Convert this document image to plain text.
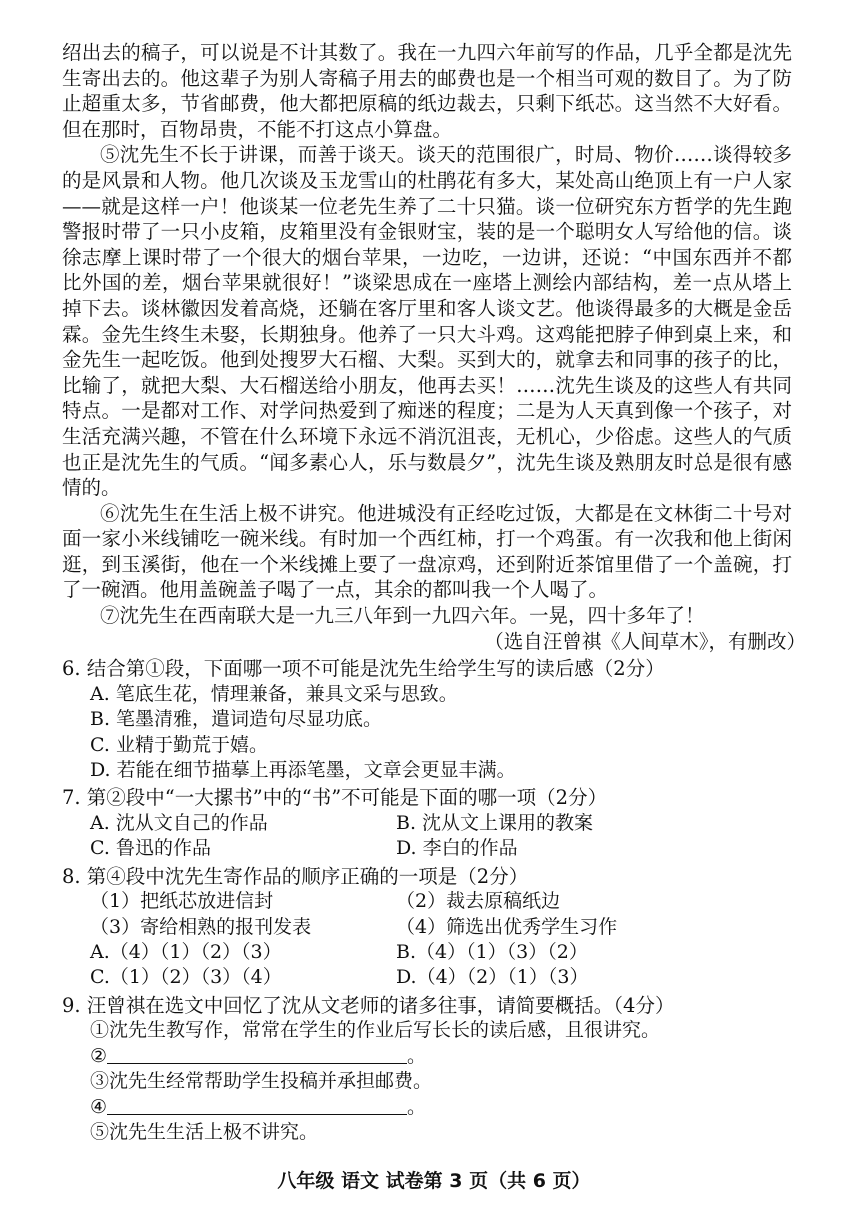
绍出去的稿子，可以说是不计其数了。我在一九四六年前写的作品，几乎全都是沈先生寄出去的。他这辈子为别人寄稿子用去的邮费也是一个相当可观的数目了。为了防止超重太多，节省邮费，他大都把原稿的纸边裁去，只剩下纸芯。这当然不大好看。但在那时，百物昂贵，不能不打这点小算盘。

⑤沈先生不长于讲课，而善于谈天。谈天的范围很广，时局、物价……谈得较多的是风景和人物。他几次谈及玉龙雪山的杜鹃花有多大，某处高山绝顶上有一户人家——就是这样一户！他谈某一位老先生养了二十只猫。谈一位研究东方哲学的先生跑警报时带了一只小皮箱，皮箱里没有金银财宝，装的是一个聪明女人写给他的信。谈徐志摩上课时带了一个很大的烟台苹果，一边吃，一边讲，还说：“中国东西并不都比外国的差，烟台苹果就很好！”谈梁思成在一座塔上测绘内部结构，差一点从塔上掉下去。谈林徽因发着高烧，还躺在客厅里和客人谈文艺。他谈得最多的大概是金岳霖。金先生终生未娶，长期独身。他养了一只大斗鸡。这鸡能把脖子伸到桌上来，和金先生一起吃饭。他到处搜罗大石榴、大梨。买到大的，就拿去和同事的孩子的比，比输了，就把大梨、大石榴送给小朋友，他再去买！……沈先生谈及的这些人有共同特点。一是都对工作、对学问热爱到了痴迷的程度；二是为人天真到像一个孩子，对生活充满兴趣，不管在什么环境下永远不消沉沮丧，无机心，少俗虑。这些人的气质也正是沈先生的气质。“闻多素心人，乐与数晨夕”，沈先生谈及熟朋友时总是很有感情的。

⑥沈先生在生活上极不讲究。他进城没有正经吃过饭，大都是在文林街二十号对面一家小米线铺吃一碗米线。有时加一个西红柿，打一个鸡蛋。有一次我和他上街闲逛，到玉溪街，他在一个米线摊上要了一盘凉鸡，还到附近茶馆里借了一个盖碗，打了一碗酒。他用盖碗盖子喝了一点，其余的都叫我一个人喝了。

⑦沈先生在西南联大是一九三八年到一九四六年。一晃，四十多年了！

（选自汪曾祺《人间草木》，有删改）

6. 结合第①段，下面哪一项不可能是沈先生给学生写的读后感（2分）

A. 笔底生花，情理兼备，兼具文采与思致。
B. 笔墨清雅，遣词造句尽显功底。
C. 业精于勤荒于嬉。
D. 若能在细节描摹上再添笔墨，文章会更显丰满。

7. 第②段中“一大摞书”中的“书”不可能是下面的哪一项（2分）

A. 沈从文自己的作品	B. 沈从文上课用的教案
C. 鲁迅的作品	D. 李白的作品

8. 第④段中沈先生寄作品的顺序正确的一项是（2分）

（1）把纸芯放进信封	（2）裁去原稿纸边
（3）寄给相熟的报刊发表	（4）筛选出优秀学生习作
A.（4）（1）（2）（3）	B.（4）（1）（3）（2）
C.（1）（2）（3）（4）	D.（4）（2）（1）（3）

9. 汪曾祺在选文中回忆了沈从文老师的诸多往事，请简要概括。（4分）

①沈先生教写作，常常在学生的作业后写长长的读后感，且很讲究。
②	。
③沈先生经常帮助学生投稿并承担邮费。
④	。
⑤沈先生生活上极不讲究。
八年级 语文 试卷第 3 页（共 6 页）
